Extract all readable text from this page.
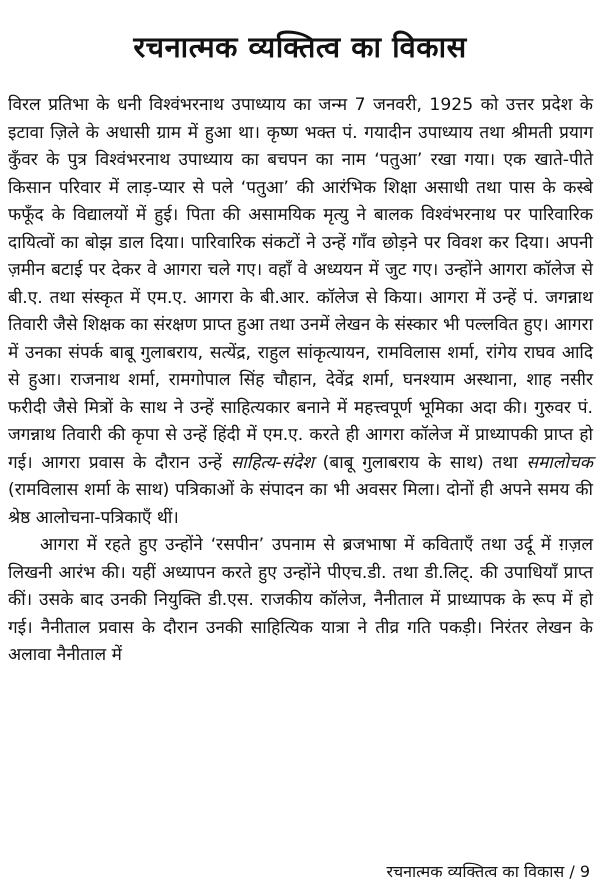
रचनात्मक व्यक्तित्व का विकास

विरल प्रतिभा के धनी विश्वंभरनाथ उपाध्याय का जन्म 7 जनवरी, 1925 को उत्तर प्रदेश के इटावा ज़िले के अधासी ग्राम में हुआ था। कृष्ण भक्त पं. गयादीन उपाध्याय तथा श्रीमती प्रयाग कुँवर के पुत्र विश्वंभरनाथ उपाध्याय का बचपन का नाम ‘पतुआ’ रखा गया। एक खाते-पीते किसान परिवार में लाड़-प्यार से पले ‘पतुआ’ की आरंभिक शिक्षा असाधी तथा पास के कस्बे फफूँद के विद्यालयों में हुई। पिता की असामयिक मृत्यु ने बालक विश्वंभरनाथ पर पारिवारिक दायित्वों का बोझ डाल दिया। पारिवारिक संकटों ने उन्हें गाँव छोड़ने पर विवश कर दिया। अपनी ज़मीन बटाई पर देकर वे आगरा चले गए। वहाँ वे अध्ययन में जुट गए। उन्होंने आगरा कॉलेज से बी.ए. तथा संस्कृत में एम.ए. आगरा के बी.आर. कॉलेज से किया। आगरा में उन्हें पं. जगन्नाथ तिवारी जैसे शिक्षक का संरक्षण प्राप्त हुआ तथा उनमें लेखन के संस्कार भी पल्लवित हुए। आगरा में उनका संपर्क बाबू गुलाबराय, सत्येंद्र, राहुल सांकृत्यायन, रामविलास शर्मा, रांगेय राघव आदि से हुआ। राजनाथ शर्मा, रामगोपाल सिंह चौहान, देवेंद्र शर्मा, घनश्याम अस्थाना, शाह नसीर फरीदी जैसे मित्रों के साथ ने उन्हें साहित्यकार बनाने में महत्त्वपूर्ण भूमिका अदा की। गुरुवर पं. जगन्नाथ तिवारी की कृपा से उन्हें हिंदी में एम.ए. करते ही आगरा कॉलेज में प्राध्यापकी प्राप्त हो गई। आगरा प्रवास के दौरान उन्हें साहित्य-संदेश (बाबू गुलाबराय के साथ) तथा समालोचक (रामविलास शर्मा के साथ) पत्रिकाओं के संपादन का भी अवसर मिला। दोनों ही अपने समय की श्रेष्ठ आलोचना-पत्रिकाएँ थीं।

आगरा में रहते हुए उन्होंने ‘रसपीन’ उपनाम से ब्रजभाषा में कविताएँ तथा उर्दू में ग़ज़ल लिखनी आरंभ की। यहीं अध्यापन करते हुए उन्होंने पीएच.डी. तथा डी.लिट्. की उपाधियाँ प्राप्त कीं। उसके बाद उनकी नियुक्ति डी.एस. राजकीय कॉलेज, नैनीताल में प्राध्यापक के रूप में हो गई। नैनीताल प्रवास के दौरान उनकी साहित्यिक यात्रा ने तीव्र गति पकड़ी। निरंतर लेखन के अलावा नैनीताल में

रचनात्मक व्यक्तित्व का विकास / 9
